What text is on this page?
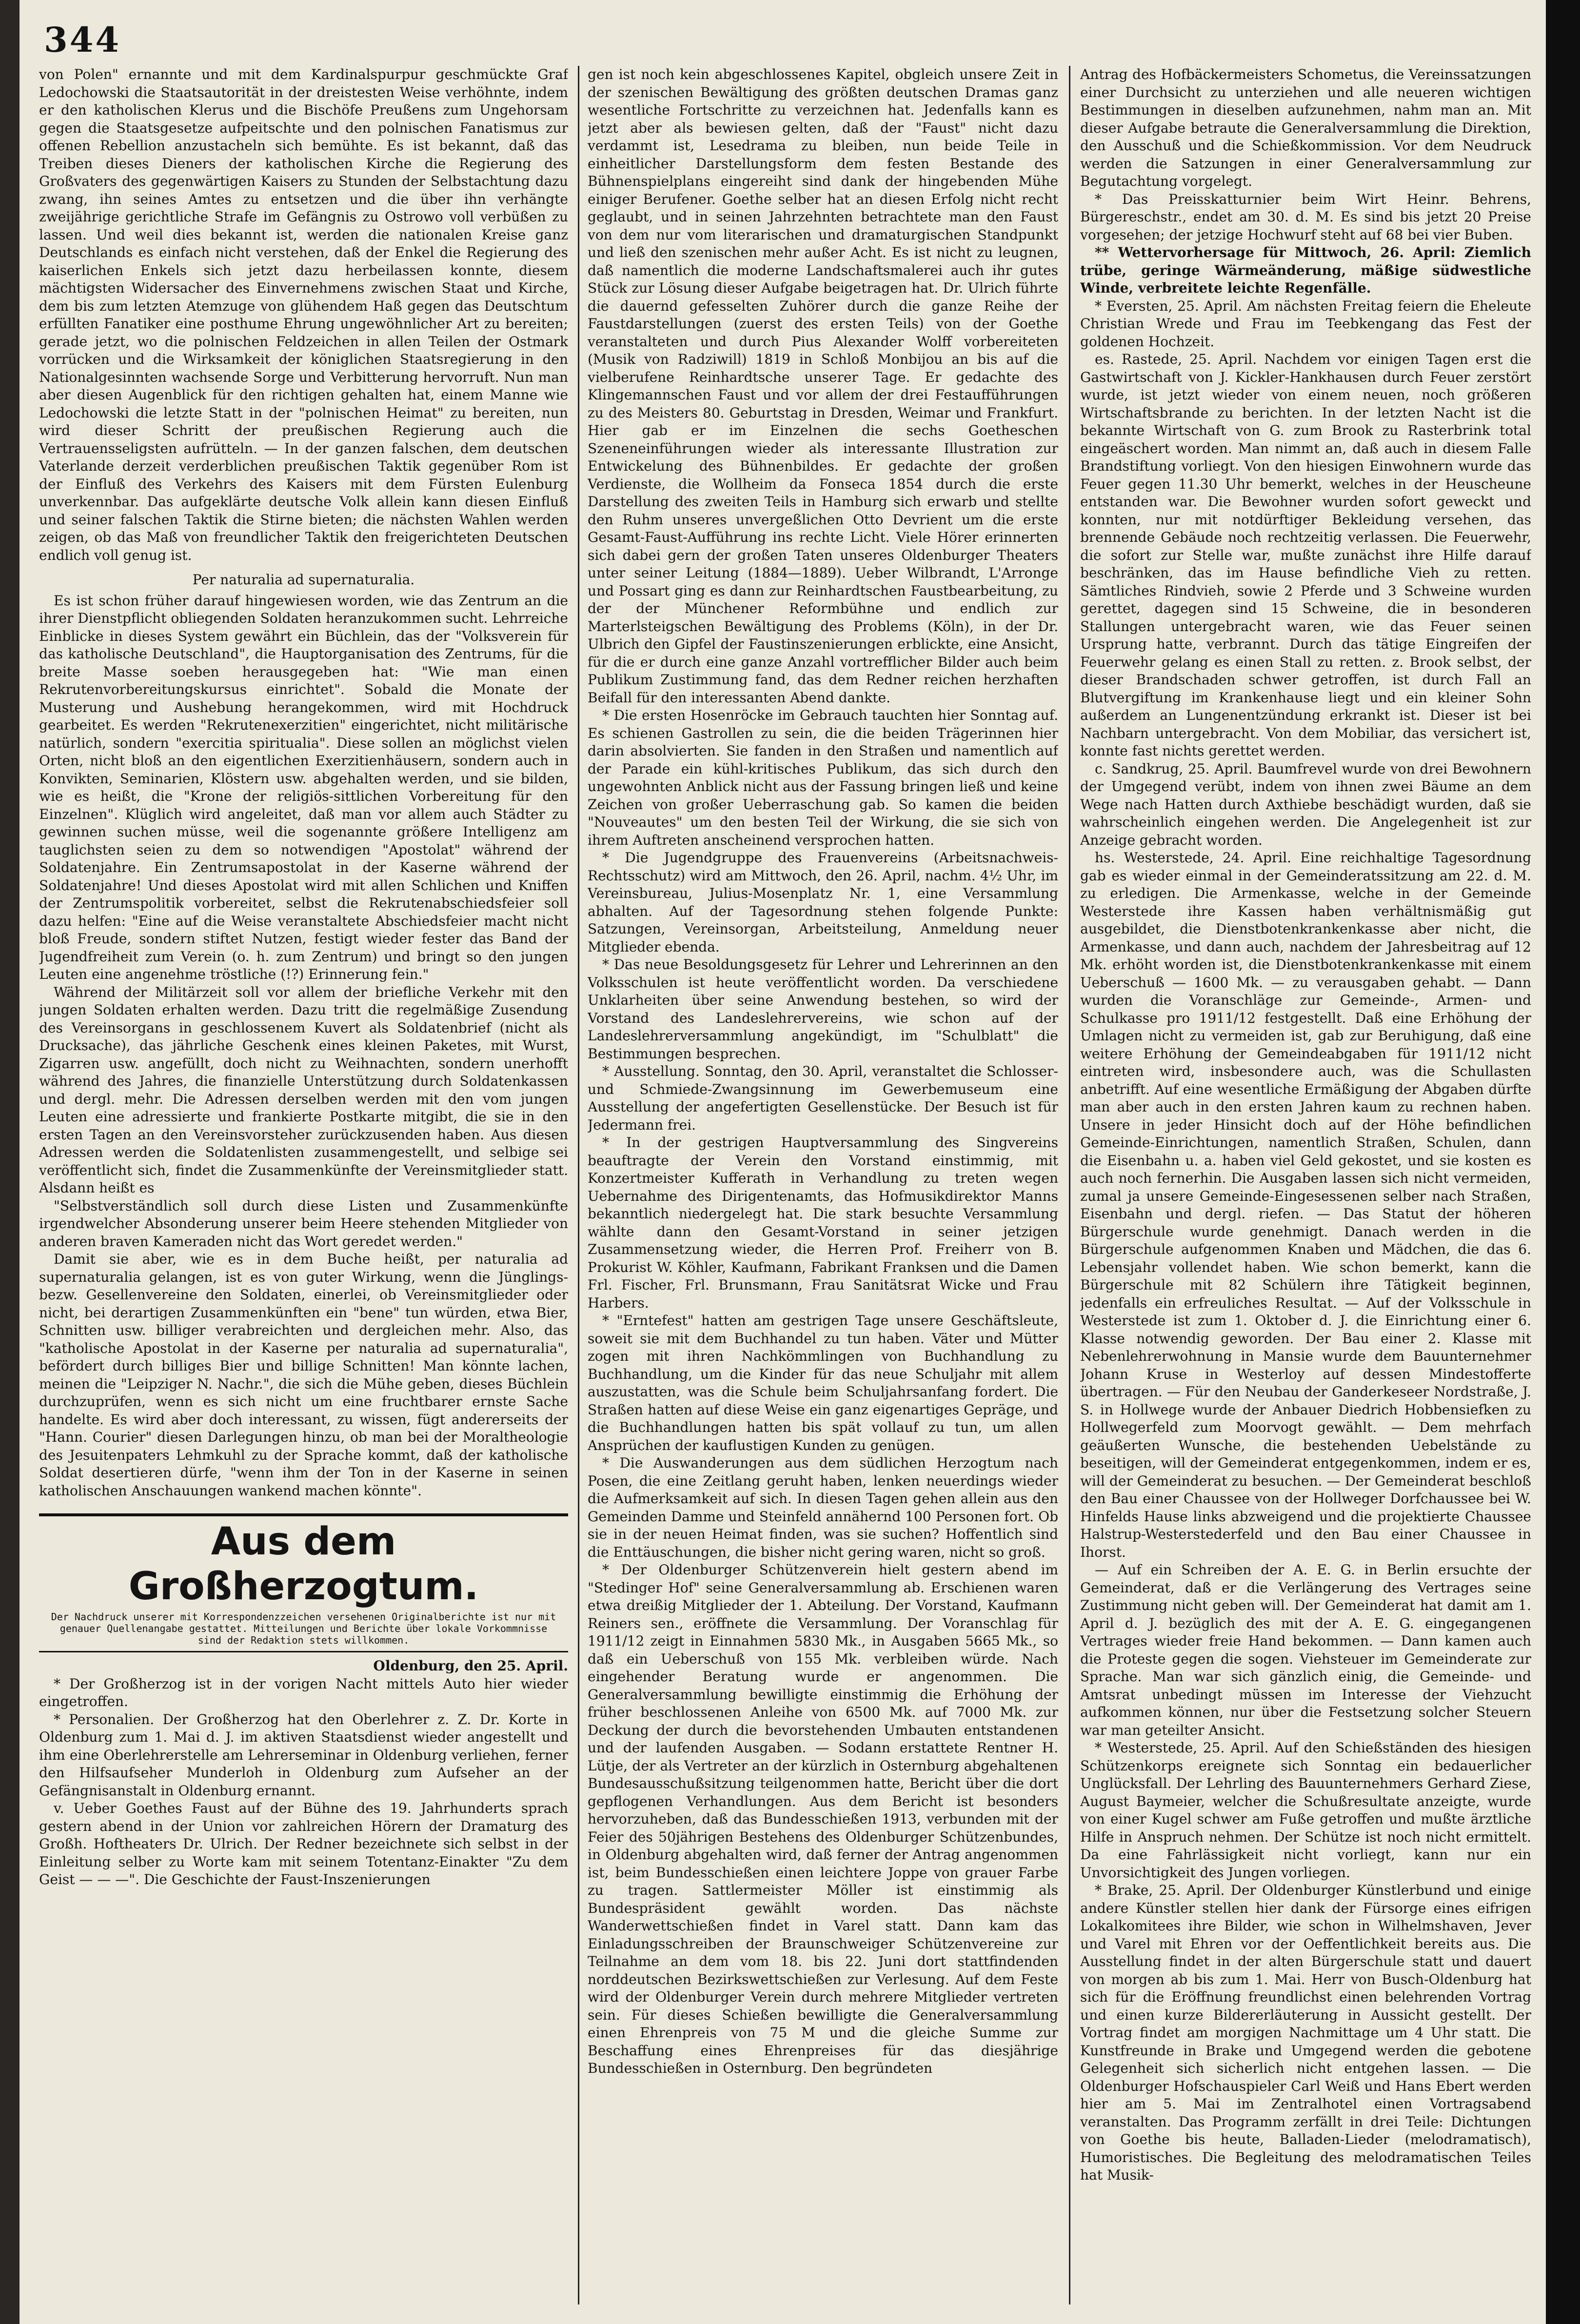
344

von Polen" ernannte und mit dem Kardinalspurpur geschmückte Graf Ledochowski die Staatsautorität in der dreistesten Weise verhöhnte, indem er den katholischen Klerus und die Bischöfe Preußens zum Ungehorsam gegen die Staatsgesetze aufpeitschte und den polnischen Fanatismus zur offenen Rebellion anzustacheln sich bemühte. Es ist bekannt, daß das Treiben dieses Dieners der katholischen Kirche die Regierung des Großvaters des gegenwärtigen Kaisers zu Stunden der Selbstachtung dazu zwang, ihn seines Amtes zu entsetzen und die über ihn verhängte zweijährige gerichtliche Strafe im Gefängnis zu Ostrowo voll verbüßen zu lassen. Und weil dies bekannt ist, werden die nationalen Kreise ganz Deutschlands es einfach nicht verstehen, daß der Enkel die Regierung des kaiserlichen Enkels sich jetzt dazu herbeilassen konnte, diesem mächtigsten Widersacher des Einvernehmens zwischen Staat und Kirche, dem bis zum letzten Atemzuge von glühendem Haß gegen das Deutschtum erfüllten Fanatiker eine posthume Ehrung ungewöhnlicher Art zu bereiten; gerade jetzt, wo die polnischen Feldzeichen in allen Teilen der Ostmark vorrücken und die Wirksamkeit der königlichen Staatsregierung in den Nationalgesinnten wachsende Sorge und Verbitterung hervorruft. Nun man aber diesen Augenblick für den richtigen gehalten hat, einem Manne wie Ledochowski die letzte Statt in der "polnischen Heimat" zu bereiten, nun wird dieser Schritt der preußischen Regierung auch die Vertrauensseligsten aufrütteln. — In der ganzen falschen, dem deutschen Vaterlande derzeit verderblichen preußischen Taktik gegenüber Rom ist der Einfluß des Verkehrs des Kaisers mit dem Fürsten Eulenburg unverkennbar. Das aufgeklärte deutsche Volk allein kann diesen Einfluß und seiner falschen Taktik die Stirne bieten; die nächsten Wahlen werden zeigen, ob das Maß von freundlicher Taktik den freigerichteten Deutschen endlich voll genug ist.

Per naturalia ad supernaturalia.

Es ist schon früher darauf hingewiesen worden, wie das Zentrum an die ihrer Dienstpflicht obliegenden Soldaten heranzukommen sucht. Lehrreiche Einblicke in dieses System gewährt ein Büchlein, das der "Volksverein für das katholische Deutschland", die Hauptorganisation des Zentrums, für die breite Masse soeben herausgegeben hat: "Wie man einen Rekrutenvorbereitungskursus einrichtet". Sobald die Monate der Musterung und Aushebung herangekommen, wird mit Hochdruck gearbeitet. Es werden "Rekrutenexerzitien" eingerichtet, nicht militärische natürlich, sondern "exercitia spiritualia". Diese sollen an möglichst vielen Orten, nicht bloß an den eigentlichen Exerzitienhäusern, sondern auch in Konvikten, Seminarien, Klöstern usw. abgehalten werden, und sie bilden, wie es heißt, die "Krone der religiös-sittlichen Vorbereitung für den Einzelnen". Klüglich wird angeleitet, daß man vor allem auch Städter zu gewinnen suchen müsse, weil die sogenannte größere Intelligenz am tauglichsten seien zu dem so notwendigen "Apostolat" während der Soldatenjahre. Ein Zentrumsapostolat in der Kaserne während der Soldatenjahre! Und dieses Apostolat wird mit allen Schlichen und Kniffen der Zentrumspolitik vorbereitet, selbst die Rekrutenabschiedsfeier soll dazu helfen: "Eine auf die Weise veranstaltete Abschiedsfeier macht nicht bloß Freude, sondern stiftet Nutzen, festigt wieder fester das Band der Jugendfreiheit zum Verein (o. h. zum Zentrum) und bringt so den jungen Leuten eine angenehme tröstliche (!?) Erinnerung fein."

Während der Militärzeit soll vor allem der briefliche Verkehr mit den jungen Soldaten erhalten werden. Dazu tritt die regelmäßige Zusendung des Vereinsorgans in geschlossenem Kuvert als Soldatenbrief (nicht als Drucksache), das jährliche Geschenk eines kleinen Paketes, mit Wurst, Zigarren usw. angefüllt, doch nicht zu Weihnachten, sondern unerhofft während des Jahres, die finanzielle Unterstützung durch Soldatenkassen und dergl. mehr. Die Adressen derselben werden mit den vom jungen Leuten eine adressierte und frankierte Postkarte mitgibt, die sie in den ersten Tagen an den Vereinsvorsteher zurückzusenden haben. Aus diesen Adressen werden die Soldatenlisten zusammengestellt, und selbige sei veröffentlicht sich, findet die Zusammenkünfte der Vereinsmitglieder statt. Alsdann heißt es

"Selbstverständlich soll durch diese Listen und Zusammenkünfte irgendwelcher Absonderung unserer beim Heere stehenden Mitglieder von anderen braven Kameraden nicht das Wort geredet werden."

Damit sie aber, wie es in dem Buche heißt, per naturalia ad supernaturalia gelangen, ist es von guter Wirkung, wenn die Jünglings- bezw. Gesellenvereine den Soldaten, einerlei, ob Vereinsmitglieder oder nicht, bei derartigen Zusammenkünften ein "bene" tun würden, etwa Bier, Schnitten usw. billiger verabreichten und dergleichen mehr. Also, das "katholische Apostolat in der Kaserne per naturalia ad supernaturalia", befördert durch billiges Bier und billige Schnitten! Man könnte lachen, meinen die "Leipziger N. Nachr.", die sich die Mühe geben, dieses Büchlein durchzuprüfen, wenn es sich nicht um eine fruchtbarer ernste Sache handelte. Es wird aber doch interessant, zu wissen, fügt andererseits der "Hann. Courier" diesen Darlegungen hinzu, ob man bei der Moraltheologie des Jesuitenpaters Lehmkuhl zu der Sprache kommt, daß der katholische Soldat desertieren dürfe, "wenn ihm der Ton in der Kaserne in seinen katholischen Anschauungen wankend machen könnte".

Aus dem Großherzogtum.
Der Nachdruck unserer mit Korrespondenzzeichen versehenen Originalberichte ist nur mit genauer Quellenangabe gestattet. Mitteilungen und Berichte über lokale Vorkommnisse sind der Redaktion stets willkommen.

Oldenburg, den 25. April.

* Der Großherzog ist in der vorigen Nacht mittels Auto hier wieder eingetroffen.

* Personalien. Der Großherzog hat den Oberlehrer z. Z. Dr. Korte in Oldenburg zum 1. Mai d. J. im aktiven Staatsdienst wieder angestellt und ihm eine Oberlehrerstelle am Lehrerseminar in Oldenburg verliehen, ferner den Hilfsaufseher Munderloh in Oldenburg zum Aufseher an der Gefängnisanstalt in Oldenburg ernannt.

v. Ueber Goethes Faust auf der Bühne des 19. Jahrhunderts sprach gestern abend in der Union vor zahlreichen Hörern der Dramaturg des Großh. Hoftheaters Dr. Ulrich. Der Redner bezeichnete sich selbst in der Einleitung selber zu Worte kam mit seinem Totentanz-Einakter "Zu dem Geist — — —". Die Geschichte der Faust-Inszenierungen

gen ist noch kein abgeschlossenes Kapitel, obgleich unsere Zeit in der szenischen Bewältigung des größten deutschen Dramas ganz wesentliche Fortschritte zu verzeichnen hat. Jedenfalls kann es jetzt aber als bewiesen gelten, daß der "Faust" nicht dazu verdammt ist, Lesedrama zu bleiben, nun beide Teile in einheitlicher Darstellungsform dem festen Bestande des Bühnenspielplans eingereiht sind dank der hingebenden Mühe einiger Berufener. Goethe selber hat an diesen Erfolg nicht recht geglaubt, und in seinen Jahrzehnten betrachtete man den Faust von dem nur vom literarischen und dramaturgischen Standpunkt und ließ den szenischen mehr außer Acht. Es ist nicht zu leugnen, daß namentlich die moderne Landschaftsmalerei auch ihr gutes Stück zur Lösung dieser Aufgabe beigetragen hat. Dr. Ulrich führte die dauernd gefesselten Zuhörer durch die ganze Reihe der Faustdarstellungen (zuerst des ersten Teils) von der Goethe veranstalteten und durch Pius Alexander Wolff vorbereiteten (Musik von Radziwill) 1819 in Schloß Monbijou an bis auf die vielberufene Reinhardtsche unserer Tage. Er gedachte des Klingemannschen Faust und vor allem der drei Festaufführungen zu des Meisters 80. Geburtstag in Dresden, Weimar und Frankfurt. Hier gab er im Einzelnen die sechs Goetheschen Szeneneinführungen wieder als interessante Illustration zur Entwickelung des Bühnenbildes. Er gedachte der großen Verdienste, die Wollheim da Fonseca 1854 durch die erste Darstellung des zweiten Teils in Hamburg sich erwarb und stellte den Ruhm unseres unvergeßlichen Otto Devrient um die erste Gesamt-Faust-Aufführung ins rechte Licht. Viele Hörer erinnerten sich dabei gern der großen Taten unseres Oldenburger Theaters unter seiner Leitung (1884—1889). Ueber Wilbrandt, L'Arronge und Possart ging es dann zur Reinhardtschen Faustbearbeitung, zu der der Münchener Reformbühne und endlich zur Marterlsteigschen Bewältigung des Problems (Köln), in der Dr. Ulbrich den Gipfel der Faustinszenierungen erblickte, eine Ansicht, für die er durch eine ganze Anzahl vortrefflicher Bilder auch beim Publikum Zustimmung fand, das dem Redner reichen herzhaften Beifall für den interessanten Abend dankte.

* Die ersten Hosenröcke im Gebrauch tauchten hier Sonntag auf. Es schienen Gastrollen zu sein, die die beiden Trägerinnen hier darin absolvierten. Sie fanden in den Straßen und namentlich auf der Parade ein kühl-kritisches Publikum, das sich durch den ungewohnten Anblick nicht aus der Fassung bringen ließ und keine Zeichen von großer Ueberraschung gab. So kamen die beiden "Nouveautes" um den besten Teil der Wirkung, die sie sich von ihrem Auftreten anscheinend versprochen hatten.

* Die Jugendgruppe des Frauenvereins (Arbeitsnachweis-Rechtsschutz) wird am Mittwoch, den 26. April, nachm. 4½ Uhr, im Vereinsbureau, Julius-Mosenplatz Nr. 1, eine Versammlung abhalten. Auf der Tagesordnung stehen folgende Punkte: Satzungen, Vereinsorgan, Arbeitsteilung, Anmeldung neuer Mitglieder ebenda.

* Das neue Besoldungsgesetz für Lehrer und Lehrerinnen an den Volksschulen ist heute veröffentlicht worden. Da verschiedene Unklarheiten über seine Anwendung bestehen, so wird der Vorstand des Landeslehrervereins, wie schon auf der Landeslehrerversammlung angekündigt, im "Schulblatt" die Bestimmungen besprechen.

* Ausstellung. Sonntag, den 30. April, veranstaltet die Schlosser- und Schmiede-Zwangsinnung im Gewerbemuseum eine Ausstellung der angefertigten Gesellenstücke. Der Besuch ist für Jedermann frei.

* In der gestrigen Hauptversammlung des Singvereins beauftragte der Verein den Vorstand einstimmig, mit Konzertmeister Kufferath in Verhandlung zu treten wegen Uebernahme des Dirigentenamts, das Hofmusikdirektor Manns bekanntlich niedergelegt hat. Die stark besuchte Versammlung wählte dann den Gesamt-Vorstand in seiner jetzigen Zusammensetzung wieder, die Herren Prof. Freiherr von B. Prokurist W. Köhler, Kaufmann, Fabrikant Franksen und die Damen Frl. Fischer, Frl. Brunsmann, Frau Sanitätsrat Wicke und Frau Harbers.

* "Erntefest" hatten am gestrigen Tage unsere Geschäftsleute, soweit sie mit dem Buchhandel zu tun haben. Väter und Mütter zogen mit ihren Nachkömmlingen von Buchhandlung zu Buchhandlung, um die Kinder für das neue Schuljahr mit allem auszustatten, was die Schule beim Schuljahrsanfang fordert. Die Straßen hatten auf diese Weise ein ganz eigenartiges Gepräge, und die Buchhandlungen hatten bis spät vollauf zu tun, um allen Ansprüchen der kauflustigen Kunden zu genügen.

* Die Auswanderungen aus dem südlichen Herzogtum nach Posen, die eine Zeitlang geruht haben, lenken neuerdings wieder die Aufmerksamkeit auf sich. In diesen Tagen gehen allein aus den Gemeinden Damme und Steinfeld annähernd 100 Personen fort. Ob sie in der neuen Heimat finden, was sie suchen? Hoffentlich sind die Enttäuschungen, die bisher nicht gering waren, nicht so groß.

* Der Oldenburger Schützenverein hielt gestern abend im "Stedinger Hof" seine Generalversammlung ab. Erschienen waren etwa dreißig Mitglieder der 1. Abteilung. Der Vorstand, Kaufmann Reiners sen., eröffnete die Versammlung. Der Voranschlag für 1911/12 zeigt in Einnahmen 5830 Mk., in Ausgaben 5665 Mk., so daß ein Ueberschuß von 155 Mk. verbleiben würde. Nach eingehender Beratung wurde er angenommen. Die Generalversammlung bewilligte einstimmig die Erhöhung der früher beschlossenen Anleihe von 6500 Mk. auf 7000 Mk. zur Deckung der durch die bevorstehenden Umbauten entstandenen und der laufenden Ausgaben. — Sodann erstattete Rentner H. Lütje, der als Vertreter an der kürzlich in Osternburg abgehaltenen Bundesausschußsitzung teilgenommen hatte, Bericht über die dort gepflogenen Verhandlungen. Aus dem Bericht ist besonders hervorzuheben, daß das Bundesschießen 1913, verbunden mit der Feier des 50jährigen Bestehens des Oldenburger Schützenbundes, in Oldenburg abgehalten wird, daß ferner der Antrag angenommen ist, beim Bundesschießen einen leichtere Joppe von grauer Farbe zu tragen. Sattlermeister Möller ist einstimmig als Bundespräsident gewählt worden. Das nächste Wanderwettschießen findet in Varel statt. Dann kam das Einladungsschreiben der Braunschweiger Schützenvereine zur Teilnahme an dem vom 18. bis 22. Juni dort stattfindenden norddeutschen Bezirkswettschießen zur Verlesung. Auf dem Feste wird der Oldenburger Verein durch mehrere Mitglieder vertreten sein. Für dieses Schießen bewilligte die Generalversammlung einen Ehrenpreis von 75 M und die gleiche Summe zur Beschaffung eines Ehrenpreises für das diesjährige Bundesschießen in Osternburg. Den begründeten

Antrag des Hofbäckermeisters Schometus, die Vereinssatzungen einer Durchsicht zu unterziehen und alle neueren wichtigen Bestimmungen in dieselben aufzunehmen, nahm man an. Mit dieser Aufgabe betraute die Generalversammlung die Direktion, den Ausschuß und die Schießkommission. Vor dem Neudruck werden die Satzungen in einer Generalversammlung zur Begutachtung vorgelegt.

* Das Preisskatturnier beim Wirt Heinr. Behrens, Bürgereschstr., endet am 30. d. M. Es sind bis jetzt 20 Preise vorgesehen; der jetzige Hochwurf steht auf 68 bei vier Buben.

** Wettervorhersage für Mittwoch, 26. April: Ziemlich trübe, geringe Wärmeänderung, mäßige südwestliche Winde, verbreitete leichte Regenfälle.

* Eversten, 25. April. Am nächsten Freitag feiern die Eheleute Christian Wrede und Frau im Teebkengang das Fest der goldenen Hochzeit.

es. Rastede, 25. April. Nachdem vor einigen Tagen erst die Gastwirtschaft von J. Kickler-Hankhausen durch Feuer zerstört wurde, ist jetzt wieder von einem neuen, noch größeren Wirtschaftsbrande zu berichten. In der letzten Nacht ist die bekannte Wirtschaft von G. zum Brook zu Rasterbrink total eingeäschert worden. Man nimmt an, daß auch in diesem Falle Brandstiftung vorliegt. Von den hiesigen Einwohnern wurde das Feuer gegen 11.30 Uhr bemerkt, welches in der Heuscheune entstanden war. Die Bewohner wurden sofort geweckt und konnten, nur mit notdürftiger Bekleidung versehen, das brennende Gebäude noch rechtzeitig verlassen. Die Feuerwehr, die sofort zur Stelle war, mußte zunächst ihre Hilfe darauf beschränken, das im Hause befindliche Vieh zu retten. Sämtliches Rindvieh, sowie 2 Pferde und 3 Schweine wurden gerettet, dagegen sind 15 Schweine, die in besonderen Stallungen untergebracht waren, wie das Feuer seinen Ursprung hatte, verbrannt. Durch das tätige Eingreifen der Feuerwehr gelang es einen Stall zu retten. z. Brook selbst, der dieser Brandschaden schwer getroffen, ist durch Fall an Blutvergiftung im Krankenhause liegt und ein kleiner Sohn außerdem an Lungenentzündung erkrankt ist. Dieser ist bei Nachbarn untergebracht. Von dem Mobiliar, das versichert ist, konnte fast nichts gerettet werden.

c. Sandkrug, 25. April. Baumfrevel wurde von drei Bewohnern der Umgegend verübt, indem von ihnen zwei Bäume an dem Wege nach Hatten durch Axthiebe beschädigt wurden, daß sie wahrscheinlich eingehen werden. Die Angelegenheit ist zur Anzeige gebracht worden.

hs. Westerstede, 24. April. Eine reichhaltige Tagesordnung gab es wieder einmal in der Gemeinderatssitzung am 22. d. M. zu erledigen. Die Armenkasse, welche in der Gemeinde Westerstede ihre Kassen haben verhältnismäßig gut ausgebildet, die Dienstbotenkrankenkasse aber nicht, die Armenkasse, und dann auch, nachdem der Jahresbeitrag auf 12 Mk. erhöht worden ist, die Dienstbotenkrankenkasse mit einem Ueberschuß — 1600 Mk. — zu verausgaben gehabt. — Dann wurden die Voranschläge zur Gemeinde-, Armen- und Schulkasse pro 1911/12 festgestellt. Daß eine Erhöhung der Umlagen nicht zu vermeiden ist, gab zur Beruhigung, daß eine weitere Erhöhung der Gemeindeabgaben für 1911/12 nicht eintreten wird, insbesondere auch, was die Schullasten anbetrifft. Auf eine wesentliche Ermäßigung der Abgaben dürfte man aber auch in den ersten Jahren kaum zu rechnen haben. Unsere in jeder Hinsicht doch auf der Höhe befindlichen Gemeinde-Einrichtungen, namentlich Straßen, Schulen, dann die Eisenbahn u. a. haben viel Geld gekostet, und sie kosten es auch noch fernerhin. Die Ausgaben lassen sich nicht vermeiden, zumal ja unsere Gemeinde-Eingesessenen selber nach Straßen, Eisenbahn und dergl. riefen. — Das Statut der höheren Bürgerschule wurde genehmigt. Danach werden in die Bürgerschule aufgenommen Knaben und Mädchen, die das 6. Lebensjahr vollendet haben. Wie schon bemerkt, kann die Bürgerschule mit 82 Schülern ihre Tätigkeit beginnen, jedenfalls ein erfreuliches Resultat. — Auf der Volksschule in Westerstede ist zum 1. Oktober d. J. die Einrichtung einer 6. Klasse notwendig geworden. Der Bau einer 2. Klasse mit Nebenlehrerwohnung in Mansie wurde dem Bauunternehmer Johann Kruse in Westerloy auf dessen Mindestofferte übertragen. — Für den Neubau der Ganderkeseer Nordstraße, J. S. in Hollwege wurde der Anbauer Diedrich Hobbensiefken zu Hollwegerfeld zum Moorvogt gewählt. — Dem mehrfach geäußerten Wunsche, die bestehenden Uebelstände zu beseitigen, will der Gemeinderat entgegenkommen, indem er es, will der Gemeinderat zu besuchen. — Der Gemeinderat beschloß den Bau einer Chaussee von der Hollweger Dorfchaussee bei W. Hinfelds Hause links abzweigend und die projektierte Chaussee Halstrup-Westerstederfeld und den Bau einer Chaussee in Ihorst.

— Auf ein Schreiben der A. E. G. in Berlin ersuchte der Gemeinderat, daß er die Verlängerung des Vertrages seine Zustimmung nicht geben will. Der Gemeinderat hat damit am 1. April d. J. bezüglich des mit der A. E. G. eingegangenen Vertrages wieder freie Hand bekommen. — Dann kamen auch die Proteste gegen die sogen. Viehsteuer im Gemeinderate zur Sprache. Man war sich gänzlich einig, die Gemeinde- und Amtsrat unbedingt müssen im Interesse der Viehzucht aufkommen können, nur über die Festsetzung solcher Steuern war man geteilter Ansicht.

* Westerstede, 25. April. Auf den Schießständen des hiesigen Schützenkorps ereignete sich Sonntag ein bedauerlicher Unglücksfall. Der Lehrling des Bauunternehmers Gerhard Ziese, August Baymeier, welcher die Schußresultate anzeigte, wurde von einer Kugel schwer am Fuße getroffen und mußte ärztliche Hilfe in Anspruch nehmen. Der Schütze ist noch nicht ermittelt. Da eine Fahrlässigkeit nicht vorliegt, kann nur ein Unvorsichtigkeit des Jungen vorliegen.

* Brake, 25. April. Der Oldenburger Künstlerbund und einige andere Künstler stellen hier dank der Fürsorge eines eifrigen Lokalkomitees ihre Bilder, wie schon in Wilhelmshaven, Jever und Varel mit Ehren vor der Oeffentlichkeit bereits aus. Die Ausstellung findet in der alten Bürgerschule statt und dauert von morgen ab bis zum 1. Mai. Herr von Busch-Oldenburg hat sich für die Eröffnung freundlichst einen belehrenden Vortrag und einen kurze Bildererläuterung in Aussicht gestellt. Der Vortrag findet am morgigen Nachmittage um 4 Uhr statt. Die Kunstfreunde in Brake und Umgegend werden die gebotene Gelegenheit sich sicherlich nicht entgehen lassen. — Die Oldenburger Hofschauspieler Carl Weiß und Hans Ebert werden hier am 5. Mai im Zentralhotel einen Vortragsabend veranstalten. Das Programm zerfällt in drei Teile: Dichtungen von Goethe bis heute, Balladen-Lieder (melodramatisch), Humoristisches. Die Begleitung des melodramatischen Teiles hat Musik-
